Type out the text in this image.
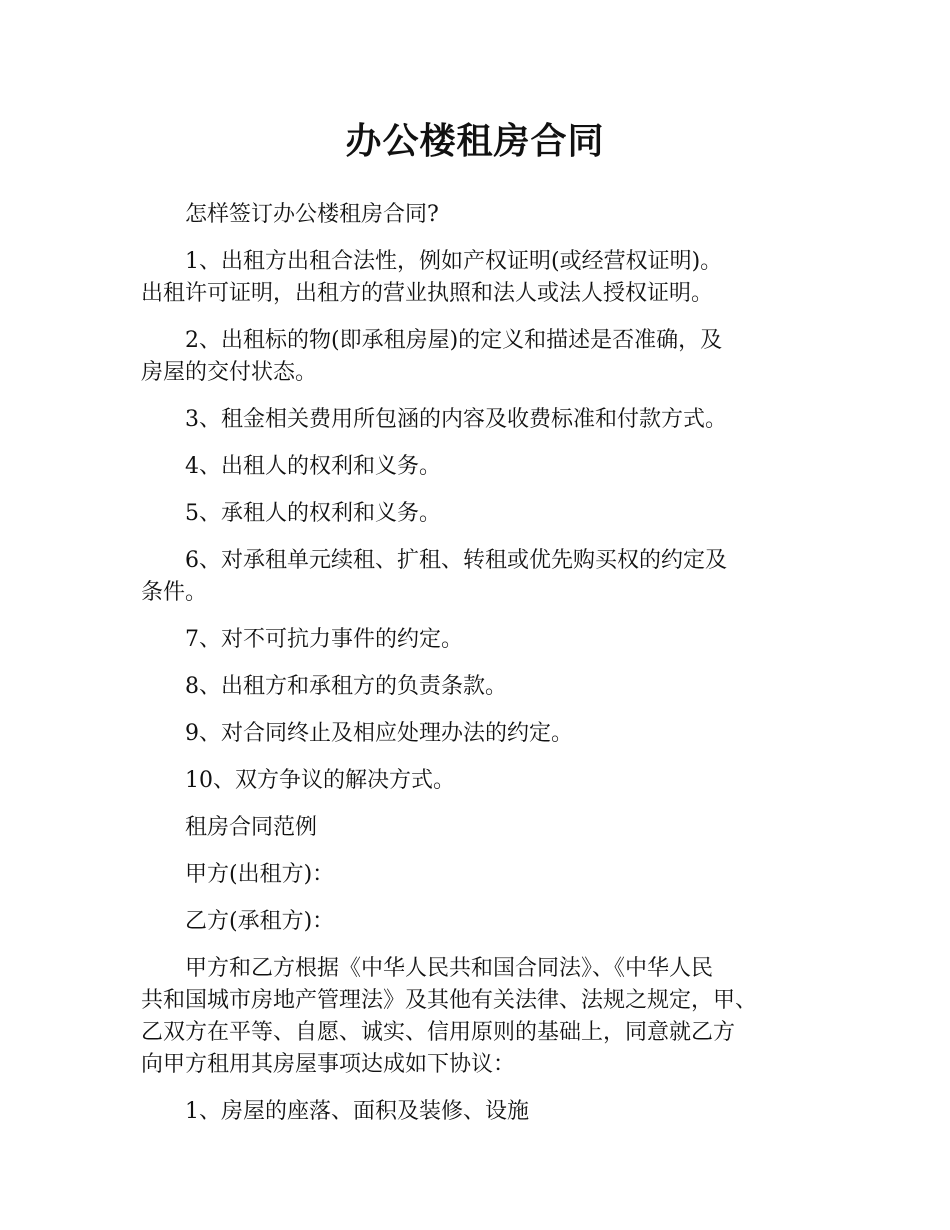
办公楼租房合同

怎样签订办公楼租房合同?

1、出租方出租合法性，例如产权证明(或经营权证明)。
出租许可证明，出租方的营业执照和法人或法人授权证明。

2、出租标的物(即承租房屋)的定义和描述是否准确，及
房屋的交付状态。

3、租金相关费用所包涵的内容及收费标准和付款方式。

4、出租人的权利和义务。

5、承租人的权利和义务。

6、对承租单元续租、扩租、转租或优先购买权的约定及
条件。

7、对不可抗力事件的约定。

8、出租方和承租方的负责条款。

9、对合同终止及相应处理办法的约定。

10、双方争议的解决方式。

租房合同范例

甲方(出租方)：

乙方(承租方)：

甲方和乙方根据《中华人民共和国合同法》、《中华人民
共和国城市房地产管理法》及其他有关法律、法规之规定，甲、
乙双方在平等、自愿、诚实、信用原则的基础上，同意就乙方
向甲方租用其房屋事项达成如下协议：

1、房屋的座落、面积及装修、设施
